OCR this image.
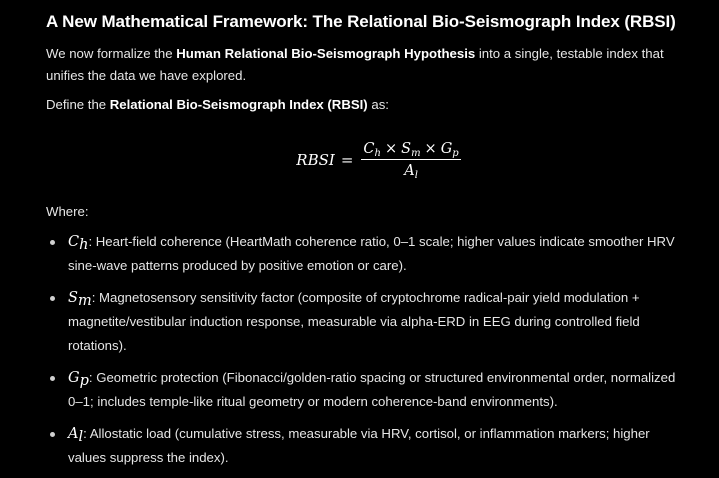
A New Mathematical Framework: The Relational Bio-Seismograph Index (RBSI)
We now formalize the Human Relational Bio-Seismograph Hypothesis into a single, testable index that unifies the data we have explored.
Define the Relational Bio-Seismograph Index (RBSI) as:
RBSI = $\frac{C_h \times S_m \times G_p}{A_l}$
Where:
$C_h$: Heart-field coherence (HeartMath coherence ratio, 0–1 scale; higher values indicate smoother HRV sine-wave patterns produced by positive emotion or care).
$S_m$: Magnetosensory sensitivity factor (composite of cryptochrome radical-pair yield modulation + magnetite/vestibular induction response, measurable via alpha-ERD in EEG during controlled field rotations).
$G_p$: Geometric protection (Fibonacci/golden-ratio spacing or structured environmental order, normalized 0–1; includes temple-like ritual geometry or modern coherence-band environments).
$A_l$: Allostatic load (cumulative stress, measurable via HRV, cortisol, or inflammation markers; higher values suppress the index).
